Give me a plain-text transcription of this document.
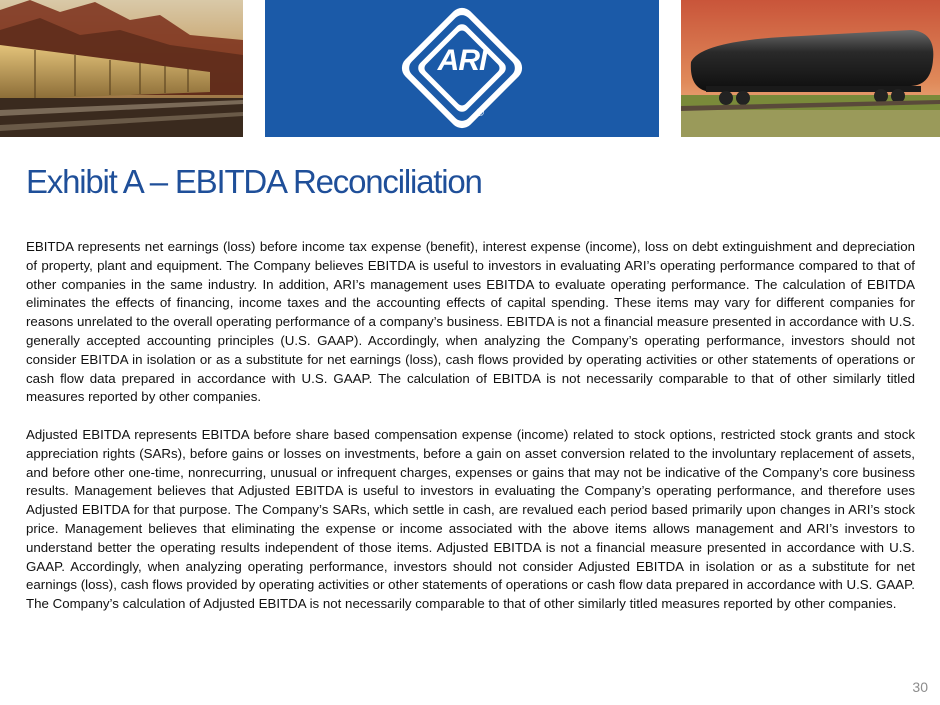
ARI
®
Exhibit A – EBITDA Reconciliation

EBITDA represents net earnings (loss) before income tax expense (benefit), interest expense (income), loss on debt extinguishment and depreciation of property, plant and equipment. The Company believes EBITDA is useful to investors in evaluating ARI’s operating performance compared to that of other companies in the same industry. In addition, ARI’s management uses EBITDA to evaluate operating performance. The calculation of EBITDA eliminates the effects of financing, income taxes and the accounting effects of capital spending. These items may vary for different companies for reasons unrelated to the overall operating performance of a company’s business. EBITDA is not a financial measure presented in accordance with U.S. generally accepted accounting principles (U.S. GAAP). Accordingly, when analyzing the Company’s operating performance, investors should not consider EBITDA in isolation or as a substitute for net earnings (loss), cash flows provided by operating activities or other statements of operations or cash flow data prepared in accordance with U.S. GAAP. The calculation of EBITDA is not necessarily comparable to that of other similarly titled measures reported by other companies.

Adjusted EBITDA represents EBITDA before share based compensation expense (income) related to stock options, restricted stock grants and stock appreciation rights (SARs), before gains or losses on investments, before a gain on asset conversion related to the involuntary replacement of assets, and before other one-time, nonrecurring, unusual or infrequent charges, expenses or gains that may not be indicative of the Company’s core business results. Management believes that Adjusted EBITDA is useful to investors in evaluating the Company’s operating performance, and therefore uses Adjusted EBITDA for that purpose. The Company’s SARs, which settle in cash, are revalued each period based primarily upon changes in ARI’s stock price. Management believes that eliminating the expense or income associated with the above items allows management and ARI’s investors to understand better the operating results independent of those items. Adjusted EBITDA is not a financial measure presented in accordance with U.S. GAAP. Accordingly, when analyzing operating performance, investors should not consider Adjusted EBITDA in isolation or as a substitute for net earnings (loss), cash flows provided by operating activities or other statements of operations or cash flow data prepared in accordance with U.S. GAAP. The Company’s calculation of Adjusted EBITDA is not necessarily comparable to that of other similarly titled measures reported by other companies.

30
